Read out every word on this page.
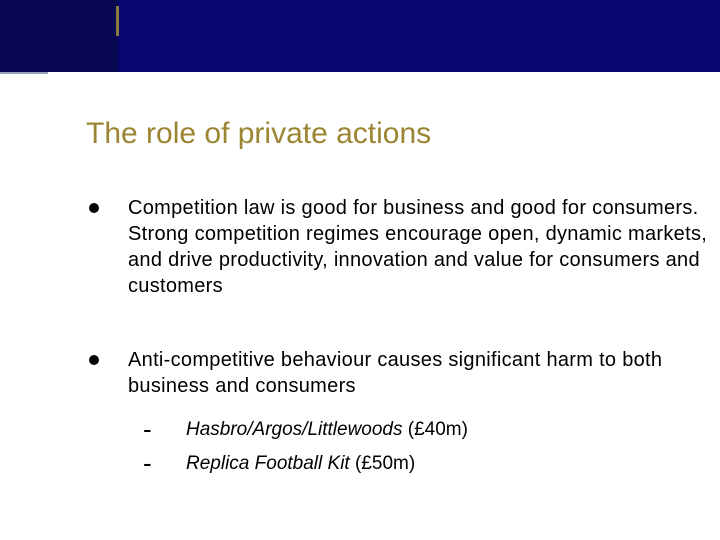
The role of private actions

Competition law is good for business and good for consumers. Strong competition regimes encourage open, dynamic markets, and drive productivity, innovation and value for consumers and customers

Anti-competitive behaviour causes significant harm to both business and consumers

- Hasbro/Argos/Littlewoods (£40m)
- Replica Football Kit (£50m)
